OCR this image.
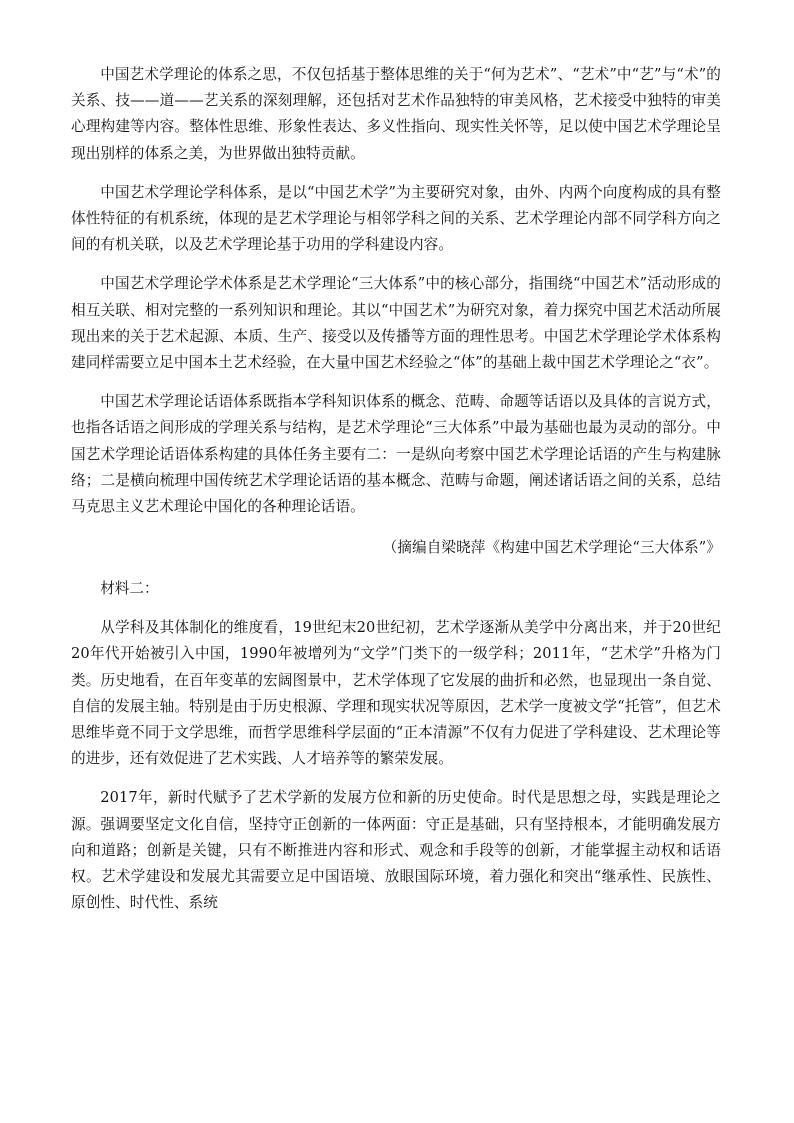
中国艺术学理论的体系之思，不仅包括基于整体思维的关于“何为艺术”、“艺术”中“艺”与“术”的关系、技——道——艺关系的深刻理解，还包括对艺术作品独特的审美风格，艺术接受中独特的审美心理构建等内容。整体性思维、形象性表达、多义性指向、现实性关怀等，足以使中国艺术学理论呈现出别样的体系之美，为世界做出独特贡献。

中国艺术学理论学科体系，是以“中国艺术学”为主要研究对象，由外、内两个向度构成的具有整体性特征的有机系统，体现的是艺术学理论与相邻学科之间的关系、艺术学理论内部不同学科方向之间的有机关联，以及艺术学理论基于功用的学科建设内容。

中国艺术学理论学术体系是艺术学理论“三大体系”中的核心部分，指围绕“中国艺术”活动形成的相互关联、相对完整的一系列知识和理论。其以“中国艺术”为研究对象，着力探究中国艺术活动所展现出来的关于艺术起源、本质、生产、接受以及传播等方面的理性思考。中国艺术学理论学术体系构建同样需要立足中国本土艺术经验，在大量中国艺术经验之“体”的基础上裁中国艺术学理论之“衣”。

中国艺术学理论话语体系既指本学科知识体系的概念、范畴、命题等话语以及具体的言说方式，也指各话语之间形成的学理关系与结构，是艺术学理论“三大体系”中最为基础也最为灵动的部分。中国艺术学理论话语体系构建的具体任务主要有二：一是纵向考察中国艺术学理论话语的产生与构建脉络；二是横向梳理中国传统艺术学理论话语的基本概念、范畴与命题，阐述诸话语之间的关系，总结马克思主义艺术理论中国化的各种理论话语。

（摘编自梁晓萍《构建中国艺术学理论“三大体系”》

材料二：

从学科及其体制化的维度看，19世纪末20世纪初，艺术学逐渐从美学中分离出来，并于20世纪20年代开始被引入中国，1990年被增列为“文学”门类下的一级学科；2011年，“艺术学”升格为门类。历史地看，在百年变革的宏阔图景中，艺术学体现了它发展的曲折和必然，也显现出一条自觉、自信的发展主轴。特别是由于历史根源、学理和现实状况等原因，艺术学一度被文学“托管”，但艺术思维毕竟不同于文学思维，而哲学思维科学层面的“正本清源”不仅有力促进了学科建设、艺术理论等的进步，还有效促进了艺术实践、人才培养等的繁荣发展。

2017年，新时代赋予了艺术学新的发展方位和新的历史使命。时代是思想之母，实践是理论之源。强调要坚定文化自信，坚持守正创新的一体两面：守正是基础，只有坚持根本，才能明确发展方向和道路；创新是关键，只有不断推进内容和形式、观念和手段等的创新，才能掌握主动权和话语权。艺术学建设和发展尤其需要立足中国语境、放眼国际环境，着力强化和突出“继承性、民族性、原创性、时代性、系统
